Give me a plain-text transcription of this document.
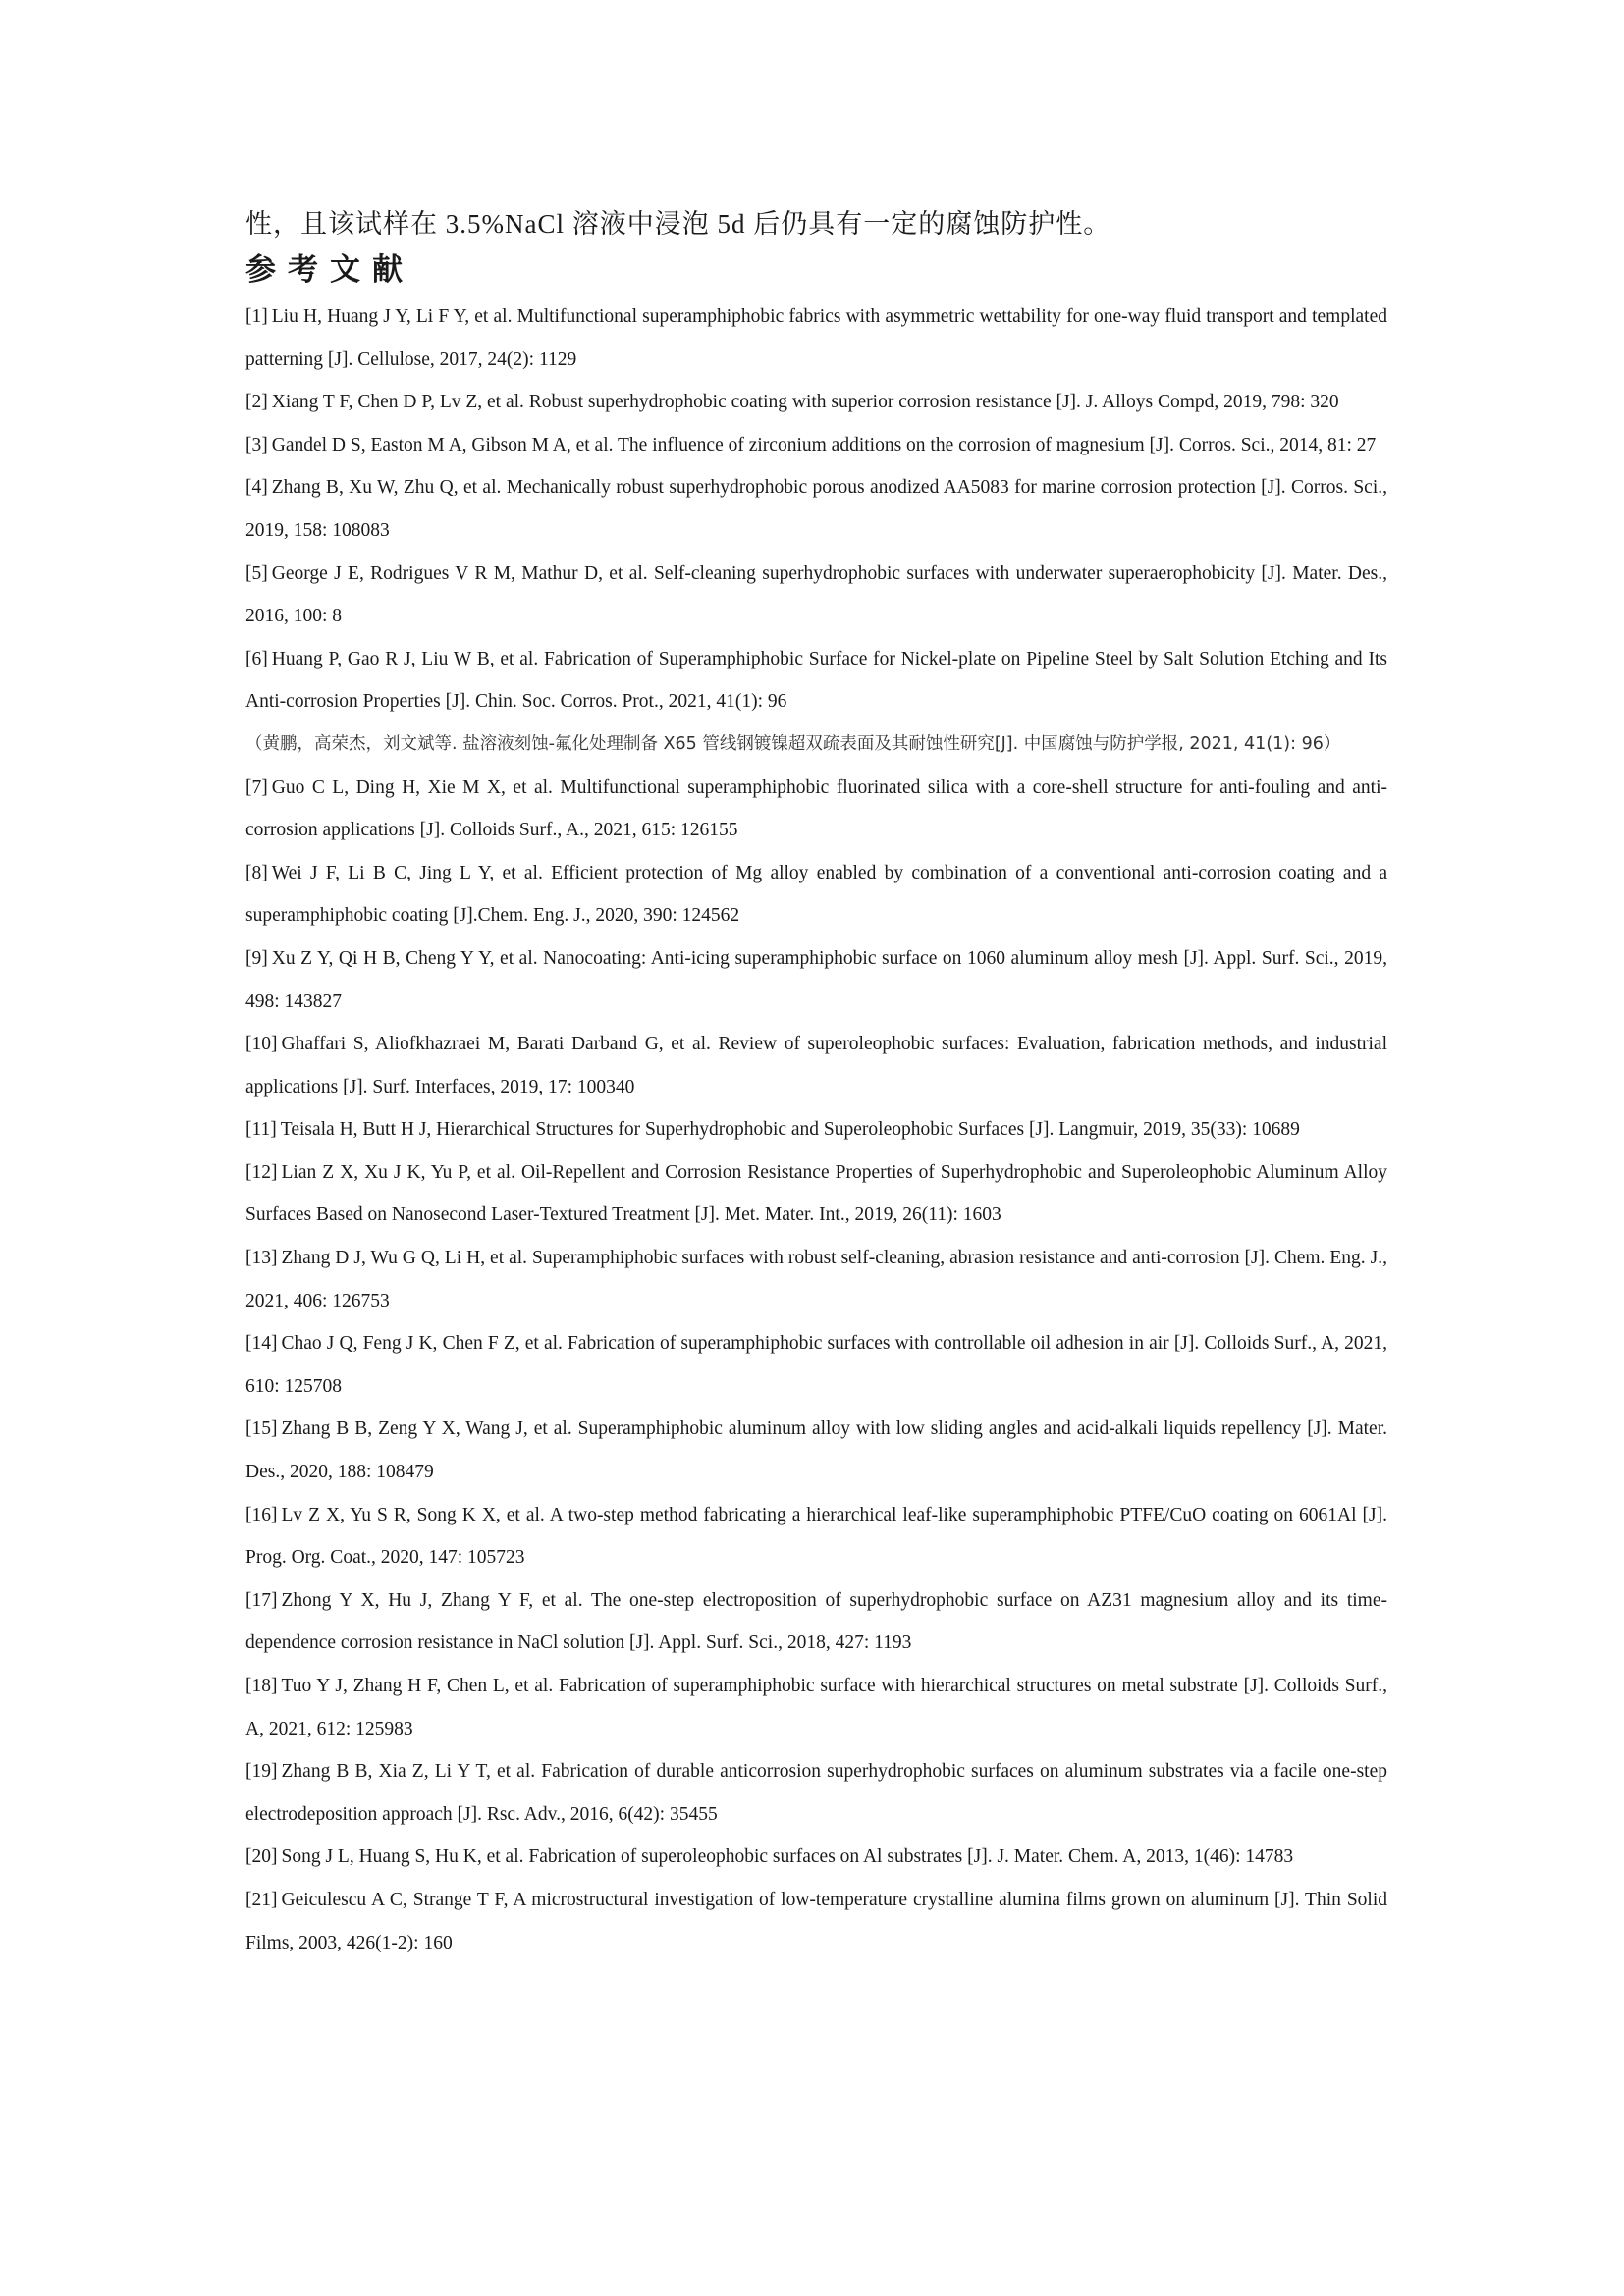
性，且该试样在 3.5%NaCl 溶液中浸泡 5d 后仍具有一定的腐蚀防护性。

参考文献
[1] Liu H, Huang J Y, Li F Y, et al. Multifunctional superamphiphobic fabrics with asymmetric wettability for one-way fluid transport and templated patterning [J]. Cellulose, 2017, 24(2): 1129
[2] Xiang T F, Chen D P, Lv Z, et al. Robust superhydrophobic coating with superior corrosion resistance [J]. J. Alloys Compd, 2019, 798: 320
[3] Gandel D S, Easton M A, Gibson M A, et al. The influence of zirconium additions on the corrosion of magnesium [J]. Corros. Sci., 2014, 81: 27
[4] Zhang B, Xu W, Zhu Q, et al. Mechanically robust superhydrophobic porous anodized AA5083 for marine corrosion protection [J]. Corros. Sci., 2019, 158: 108083
[5] George J E, Rodrigues V R M, Mathur D, et al. Self-cleaning superhydrophobic surfaces with underwater superaerophobicity [J]. Mater. Des., 2016, 100: 8
[6] Huang P, Gao R J, Liu W B, et al. Fabrication of Superamphiphobic Surface for Nickel-plate on Pipeline Steel by Salt Solution Etching and Its Anti-corrosion Properties [J]. Chin. Soc. Corros. Prot., 2021, 41(1): 96
（黄鹏，高荣杰，刘文斌等. 盐溶液刻蚀-氟化处理制备 X65 管线钢镀镍超双疏表面及其耐蚀性研究[J]. 中国腐蚀与防护学报, 2021, 41(1): 96）
[7] Guo C L, Ding H, Xie M X, et al. Multifunctional superamphiphobic fluorinated silica with a core-shell structure for anti-fouling and anti-corrosion applications [J]. Colloids Surf., A., 2021, 615: 126155
[8] Wei J F, Li B C, Jing L Y, et al. Efficient protection of Mg alloy enabled by combination of a conventional anti-corrosion coating and a superamphiphobic coating [J].Chem. Eng. J., 2020, 390: 124562
[9] Xu Z Y, Qi H B, Cheng Y Y, et al. Nanocoating: Anti-icing superamphiphobic surface on 1060 aluminum alloy mesh [J]. Appl. Surf. Sci., 2019, 498: 143827
[10] Ghaffari S, Aliofkhazraei M, Barati Darband G, et al. Review of superoleophobic surfaces: Evaluation, fabrication methods, and industrial applications [J]. Surf. Interfaces, 2019, 17: 100340
[11] Teisala H, Butt H J, Hierarchical Structures for Superhydrophobic and Superoleophobic Surfaces [J]. Langmuir, 2019, 35(33): 10689
[12] Lian Z X, Xu J K, Yu P, et al. Oil-Repellent and Corrosion Resistance Properties of Superhydrophobic and Superoleophobic Aluminum Alloy Surfaces Based on Nanosecond Laser-Textured Treatment [J]. Met. Mater. Int., 2019, 26(11): 1603
[13] Zhang D J, Wu G Q, Li H, et al. Superamphiphobic surfaces with robust self-cleaning, abrasion resistance and anti-corrosion [J]. Chem. Eng. J., 2021, 406: 126753
[14] Chao J Q, Feng J K, Chen F Z, et al. Fabrication of superamphiphobic surfaces with controllable oil adhesion in air [J]. Colloids Surf., A, 2021, 610: 125708
[15] Zhang B B, Zeng Y X, Wang J, et al. Superamphiphobic aluminum alloy with low sliding angles and acid-alkali liquids repellency [J]. Mater. Des., 2020, 188: 108479
[16] Lv Z X, Yu S R, Song K X, et al. A two-step method fabricating a hierarchical leaf-like superamphiphobic PTFE/CuO coating on 6061Al [J]. Prog. Org. Coat., 2020, 147: 105723
[17] Zhong Y X, Hu J, Zhang Y F, et al. The one-step electroposition of superhydrophobic surface on AZ31 magnesium alloy and its time-dependence corrosion resistance in NaCl solution [J]. Appl. Surf. Sci., 2018, 427: 1193
[18] Tuo Y J, Zhang H F, Chen L, et al. Fabrication of superamphiphobic surface with hierarchical structures on metal substrate [J]. Colloids Surf., A, 2021, 612: 125983
[19] Zhang B B, Xia Z, Li Y T, et al. Fabrication of durable anticorrosion superhydrophobic surfaces on aluminum substrates via a facile one-step electrodeposition approach [J]. Rsc. Adv., 2016, 6(42): 35455
[20] Song J L, Huang S, Hu K, et al. Fabrication of superoleophobic surfaces on Al substrates [J]. J. Mater. Chem. A, 2013, 1(46): 14783
[21] Geiculescu A C, Strange T F, A microstructural investigation of low-temperature crystalline alumina films grown on aluminum [J]. Thin Solid Films, 2003, 426(1-2): 160
